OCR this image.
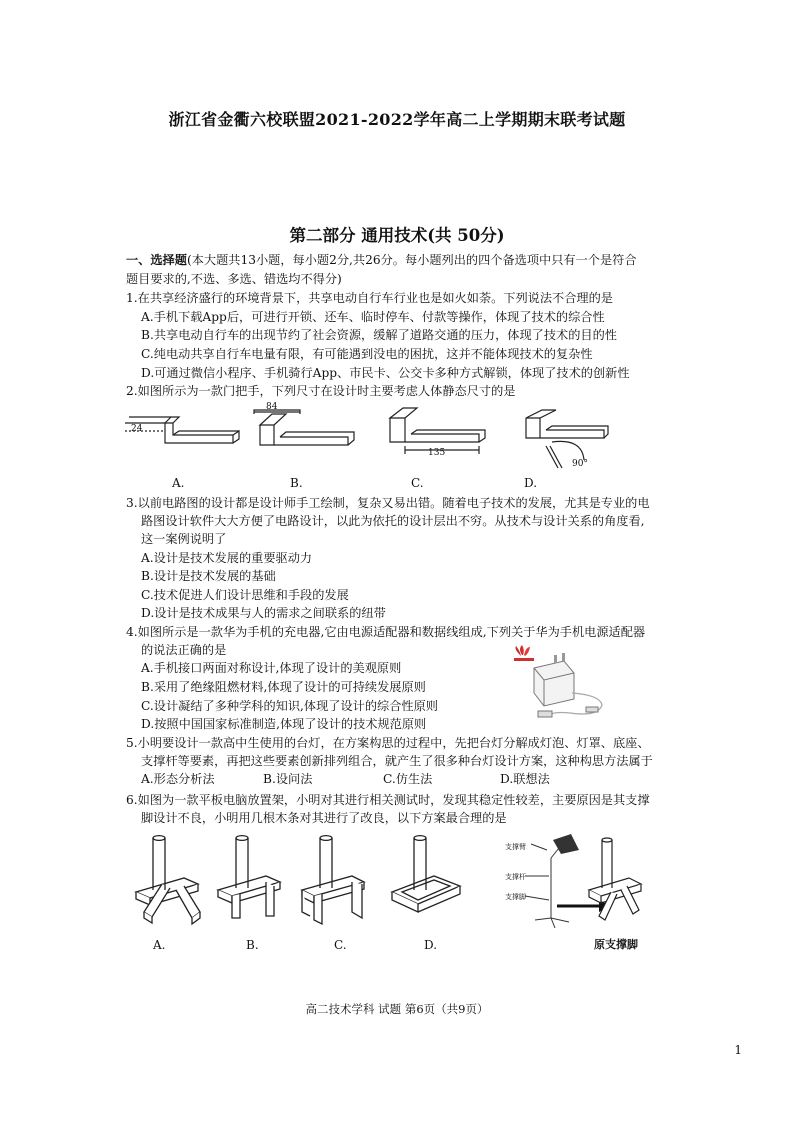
浙江省金衢六校联盟2021-2022学年高二上学期期末联考试题
第二部分 通用技术(共 50分)
一、选择题(本大题共13小题，每小题2分,共26分。每小题列出的四个备选项中只有一个是符合
题目要求的,不选、多选、错选均不得分)
1.在共享经济盛行的环境背景下，共享电动自行车行业也是如火如荼。下列说法不合理的是
A.手机下载App后，可进行开锁、还车、临时停车、付款等操作，体现了技术的综合性
B.共享电动自行车的出现节约了社会资源，缓解了道路交通的压力，体现了技术的目的性
C.纯电动共享自行车电量有限，有可能遇到没电的困扰，这并不能体现技术的复杂性
D.可通过微信小程序、手机骑行App、市民卡、公交卡多种方式解锁，体现了技术的创新性
2.如图所示为一款门把手，下列尺寸在设计时主要考虑人体静态尺寸的是
24
84
135
90°
A.	B.	C.	D.
3.以前电路图的设计都是设计师手工绘制，复杂又易出错。随着电子技术的发展，尤其是专业的电
路图设计软件大大方便了电路设计，以此为依托的设计层出不穷。从技术与设计关系的角度看,
这一案例说明了
A.设计是技术发展的重要驱动力
B.设计是技术发展的基础
C.技术促进人们设计思维和手段的发展
D.设计是技术成果与人的需求之间联系的纽带
4.如图所示是一款华为手机的充电器,它由电源适配器和数据线组成,下列关于华为手机电源适配器
的说法正确的是
A.手机接口两面对称设计,体现了设计的美观原则
B.采用了绝缘阻燃材料,体现了设计的可持续发展原则
C.设计凝结了多种学科的知识,体现了设计的综合性原则
D.按照中国国家标准制造,体现了设计的技术规范原则
5.小明要设计一款高中生使用的台灯，在方案构思的过程中，先把台灯分解成灯泡、灯罩、底座、
支撑杆等要素，再把这些要素创新排列组合，就产生了很多种台灯设计方案，这种构思方法属于
A.形态分析法	B.设问法	C.仿生法	D.联想法
6.如图为一款平板电脑放置架，小明对其进行相关测试时，发现其稳定性较差，主要原因是其支撑
脚设计不良，小明用几根木条对其进行了改良，以下方案最合理的是
A.	B.	C.	D.
支撑臂
支撑杆
支撑脚
原支撑脚
高二技术学科 试题 第6页（共9页）
1
